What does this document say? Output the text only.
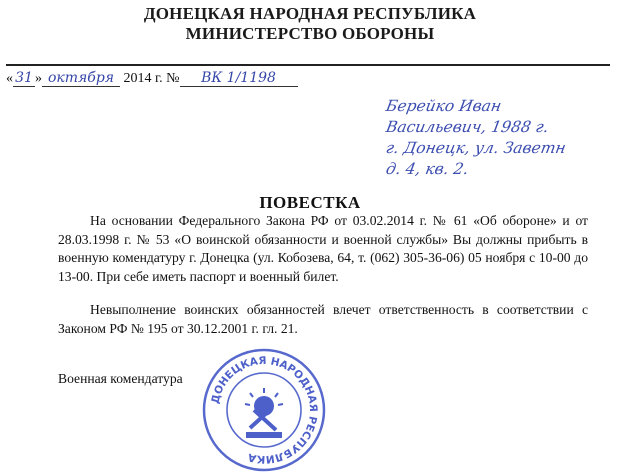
ДОНЕЦКАЯ НАРОДНАЯ РЕСПУБЛИКА
МИНИСТЕРСТВО ОБОРОНЫ
« 31 » октября 2014 г. №	ВК 1/1198
Берейко Иван
Васильевич, 1988 г.
г. Донецк, ул. Заветн
д. 4, кв. 2.
ПОВЕСТКА
На основании Федерального Закона РФ от 03.02.2014 г. № 61 «Об обороне» и от 28.03.1998 г. № 53 «О воинской обязанности и военной службы» Вы должны прибыть в военную комендатуру г. Донецка (ул. Кобозева, 64, т. (062) 305-36-06) 05 ноября с 10-00 до 13-00. При себе иметь паспорт и военный билет.
Невыполнение воинских обязанностей влечет ответственность в соответствии с Законом РФ № 195 от 30.12.2001 г. гл. 21.
Военная комендатура
ДОНЕЦКАЯ НАРОДНАЯ РЕСПУБЛИКА
